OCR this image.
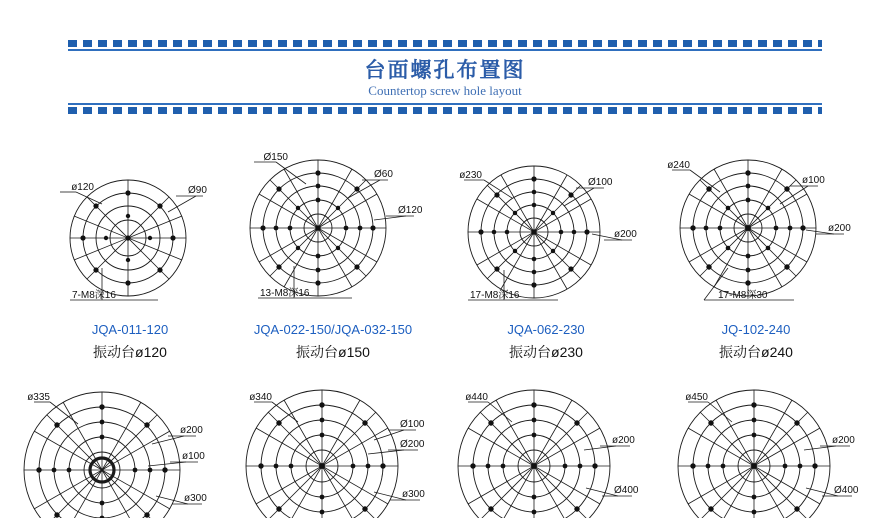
台面螺孔布置图
Countertop screw hole layout
ø120	Ø90
7-M8深16
JQA-011-120
振动台ø120
Ø150
Ø60
Ø120
13-M8深16
JQA-022-150/JQA-032-150
振动台ø150
ø230
Ø100
ø200
17-M8深16
JQA-062-230
振动台ø230
ø240
ø100
ø200
17-M8深30
JQ-102-240
振动台ø240
ø335
ø200
ø100
ø300
ø340
Ø100
Ø200
ø300
ø440
ø200
Ø400
ø450
ø200
Ø400
